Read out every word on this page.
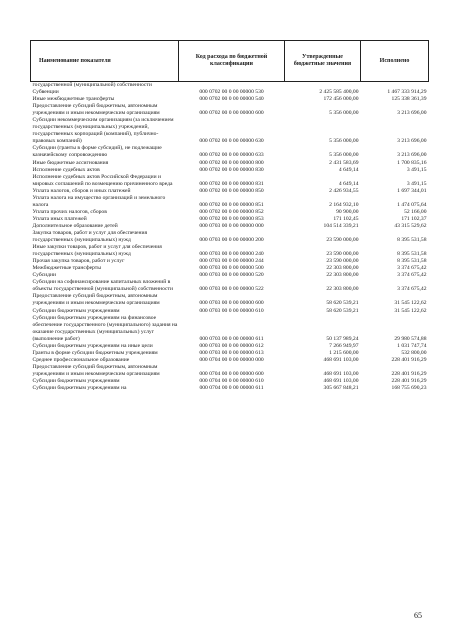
Наименование показателя	Код расхода по бюджетной классификации	Утвержденные бюджетные значения	Исполнено
государственной (муниципальной) собственности			
Субвенции	000 0702 00 0 00 00000 530	2 425 585 400,00	1 467 333 914,29
Иные межбюджетные трансферты	000 0702 00 0 00 00000 540	172 456 000,00	125 338 361,39
Предоставление субсидий бюджетным, автономным учреждениям и иным некоммерческим организациям	000 0702 00 0 00 00000 600	5 356 000,00	3 213 696,00
Субсидии некоммерческим организациям (за исключением государственных (муниципальных) учреждений, государственных корпораций (компаний), публично-правовых компаний)	000 0702 00 0 00 00000 630	5 356 000,00	3 213 696,00
Субсидии (гранты в форме субсидий), не подлежащие казначейскому сопровождению	000 0702 00 0 00 00000 633	5 356 000,00	3 213 696,00
Иные бюджетные ассигнования	000 0702 00 0 00 00000 800	2 431 583,69	1 700 835,16
Исполнение судебных актов	000 0702 00 0 00 00000 830	4 649,14	3 491,15
Исполнение судебных актов Российской Федерации и мировых соглашений по возмещению причиненного вреда	000 0702 00 0 00 00000 831	4 649,14	3 491,15
Уплата налогов, сборов и иных платежей	000 0702 00 0 00 00000 850	2 426 934,55	1 697 344,01
Уплата налога на имущество организаций и земельного налога	000 0702 00 0 00 00000 851	2 164 932,10	1 474 075,64
Уплата прочих налогов, сборов	000 0702 00 0 00 00000 852	90 900,00	52 166,00
Уплата иных платежей	000 0702 00 0 00 00000 853	171 102,45	171 102,37
Дополнительное образование детей	000 0703 00 0 00 00000 000	104 514 339,21	43 315 529,62
Закупка товаров, работ и услуг для обеспечения государственных (муниципальных) нужд	000 0703 00 0 00 00000 200	23 590 000,00	8 395 531,58
Иные закупки товаров, работ и услуг для обеспечения государственных (муниципальных) нужд	000 0703 00 0 00 00000 240	23 590 000,00	8 395 531,58
Прочая закупка товаров, работ и услуг	000 0703 00 0 00 00000 244	23 590 000,00	8 395 531,58
Межбюджетные трансферты	000 0703 00 0 00 00000 500	22 303 800,00	3 374 675,42
Субсидии	000 0703 00 0 00 00000 520	22 303 800,00	3 374 675,42
Субсидии на софинансирование капитальных вложений в объекты государственной (муниципальной) собственности	000 0703 00 0 00 00000 522	22 303 800,00	3 374 675,42
Предоставление субсидий бюджетным, автономным учреждениям и иным некоммерческим организациям	000 0703 00 0 00 00000 600	58 620 539,21	31 545 122,62
Субсидии бюджетным учреждениям	000 0703 00 0 00 00000 610	58 620 539,21	31 545 122,62
Субсидии бюджетным учреждениям на финансовое обеспечение государственного (муниципального) задания на оказание государственных (муниципальных) услуг (выполнение работ)	000 0703 00 0 00 00000 611	50 137 989,24	29 980 574,88
Субсидии бюджетным учреждениям на иные цели	000 0703 00 0 00 00000 612	7 266 949,97	1 031 747,74
Гранты в форме субсидии бюджетным учреждениям	000 0703 00 0 00 00000 613	1 215 600,00	532 800,00
Среднее профессиональное образование	000 0704 00 0 00 00000 000	468 691 103,00	228 401 916,29
Предоставление субсидий бюджетным, автономным учреждениям и иным некоммерческим организациям	000 0704 00 0 00 00000 600	468 691 103,00	228 401 916,29
Субсидии бюджетным учреждениям	000 0704 00 0 00 00000 610	468 691 103,00	228 401 916,29
Субсидии бюджетным учреждениям на	000 0704 00 0 00 00000 611	305 667 848,21	168 755 690,23
65
